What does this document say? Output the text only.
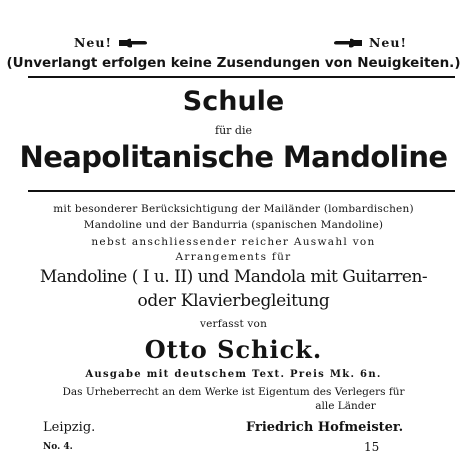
Neu!	Neu!
(Unverlangt erfolgen keine Zusendungen von Neuigkeiten.)
Schule
für die
Neapolitanische Mandoline
mit besonderer Berücksichtigung der Mailänder (lombardischen)
Mandoline und der Bandurria (spanischen Mandoline)
nebst anschliessender reicher Auswahl von
Arrangements für
Mandoline ( I u. II) und Mandola mit Guitarren-
oder Klavierbegleitung
verfasst von
Otto Schick.
Ausgabe mit deutschem Text. Preis Mk. 6n.
Das Urheberrecht an dem Werke ist Eigentum des Verlegers für
alle Länder
Leipzig.	Friedrich Hofmeister.
No. 4.	15
